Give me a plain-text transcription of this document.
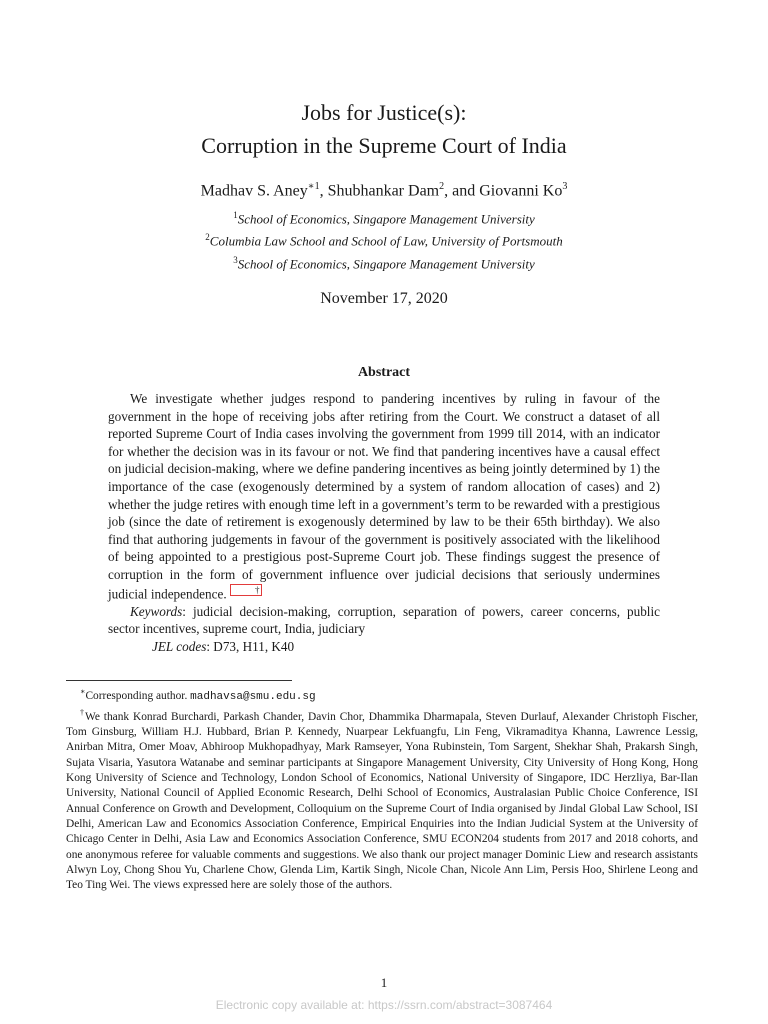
Jobs for Justice(s):
Corruption in the Supreme Court of India
Madhav S. Aney$^{∗1}$, Shubhankar Dam$^2$, and Giovanni Ko$^3$
$^1$School of Economics, Singapore Management University
$^2$Columbia Law School and School of Law, University of Portsmouth
$^3$School of Economics, Singapore Management University
November 17, 2020
Abstract

We investigate whether judges respond to pandering incentives by ruling in favour of the government in the hope of receiving jobs after retiring from the Court. We construct a dataset of all reported Supreme Court of India cases involving the government from 1999 till 2014, with an indicator for whether the decision was in its favour or not. We find that pandering incentives have a causal effect on judicial decision-making, where we define pandering incentives as being jointly determined by 1) the importance of the case (exogenously determined by a system of random allocation of cases) and 2) whether the judge retires with enough time left in a government’s term to be rewarded with a prestigious job (since the date of retirement is exogenously determined by law to be their 65th birthday). We also find that authoring judgements in favour of the government is positively associated with the likelihood of being appointed to a prestigious post-Supreme Court job. These findings suggest the presence of corruption in the form of government influence over judicial decisions that seriously undermines judicial independence.	†

Keywords: judicial decision-making, corruption, separation of powers, career concerns, public sector incentives, supreme court, India, judiciary

JEL codes: D73, H11, K40

∗Corresponding author. madhavsa@smu.edu.sg

†We thank Konrad Burchardi, Parkash Chander, Davin Chor, Dhammika Dharmapala, Steven Durlauf, Alexander Christoph Fischer, Tom Ginsburg, William H.J. Hubbard, Brian P. Kennedy, Nuarpear Lekfuangfu, Lin Feng, Vikramaditya Khanna, Lawrence Lessig, Anirban Mitra, Omer Moav, Abhiroop Mukhopadhyay, Mark Ramseyer, Yona Rubinstein, Tom Sargent, Shekhar Shah, Prakarsh Singh, Sujata Visaria, Yasutora Watanabe and seminar participants at Singapore Management University, City University of Hong Kong, Hong Kong University of Science and Technology, London School of Economics, National University of Singapore, IDC Herzliya, Bar-Ilan University, National Council of Applied Economic Research, Delhi School of Economics, Australasian Public Choice Conference, ISI Annual Conference on Growth and Development, Colloquium on the Supreme Court of India organised by Jindal Global Law School, ISI Delhi, American Law and Economics Association Conference, Empirical Enquiries into the Indian Judicial System at the University of Chicago Center in Delhi, Asia Law and Economics Association Conference, SMU ECON204 students from 2017 and 2018 cohorts, and one anonymous referee for valuable comments and suggestions. We also thank our project manager Dominic Liew and research assistants Alwyn Loy, Chong Shou Yu, Charlene Chow, Glenda Lim, Kartik Singh, Nicole Chan, Nicole Ann Lim, Persis Hoo, Shirlene Leong and Teo Ting Wei. The views expressed here are solely those of the authors.

1
Electronic copy available at: https://ssrn.com/abstract=3087464
